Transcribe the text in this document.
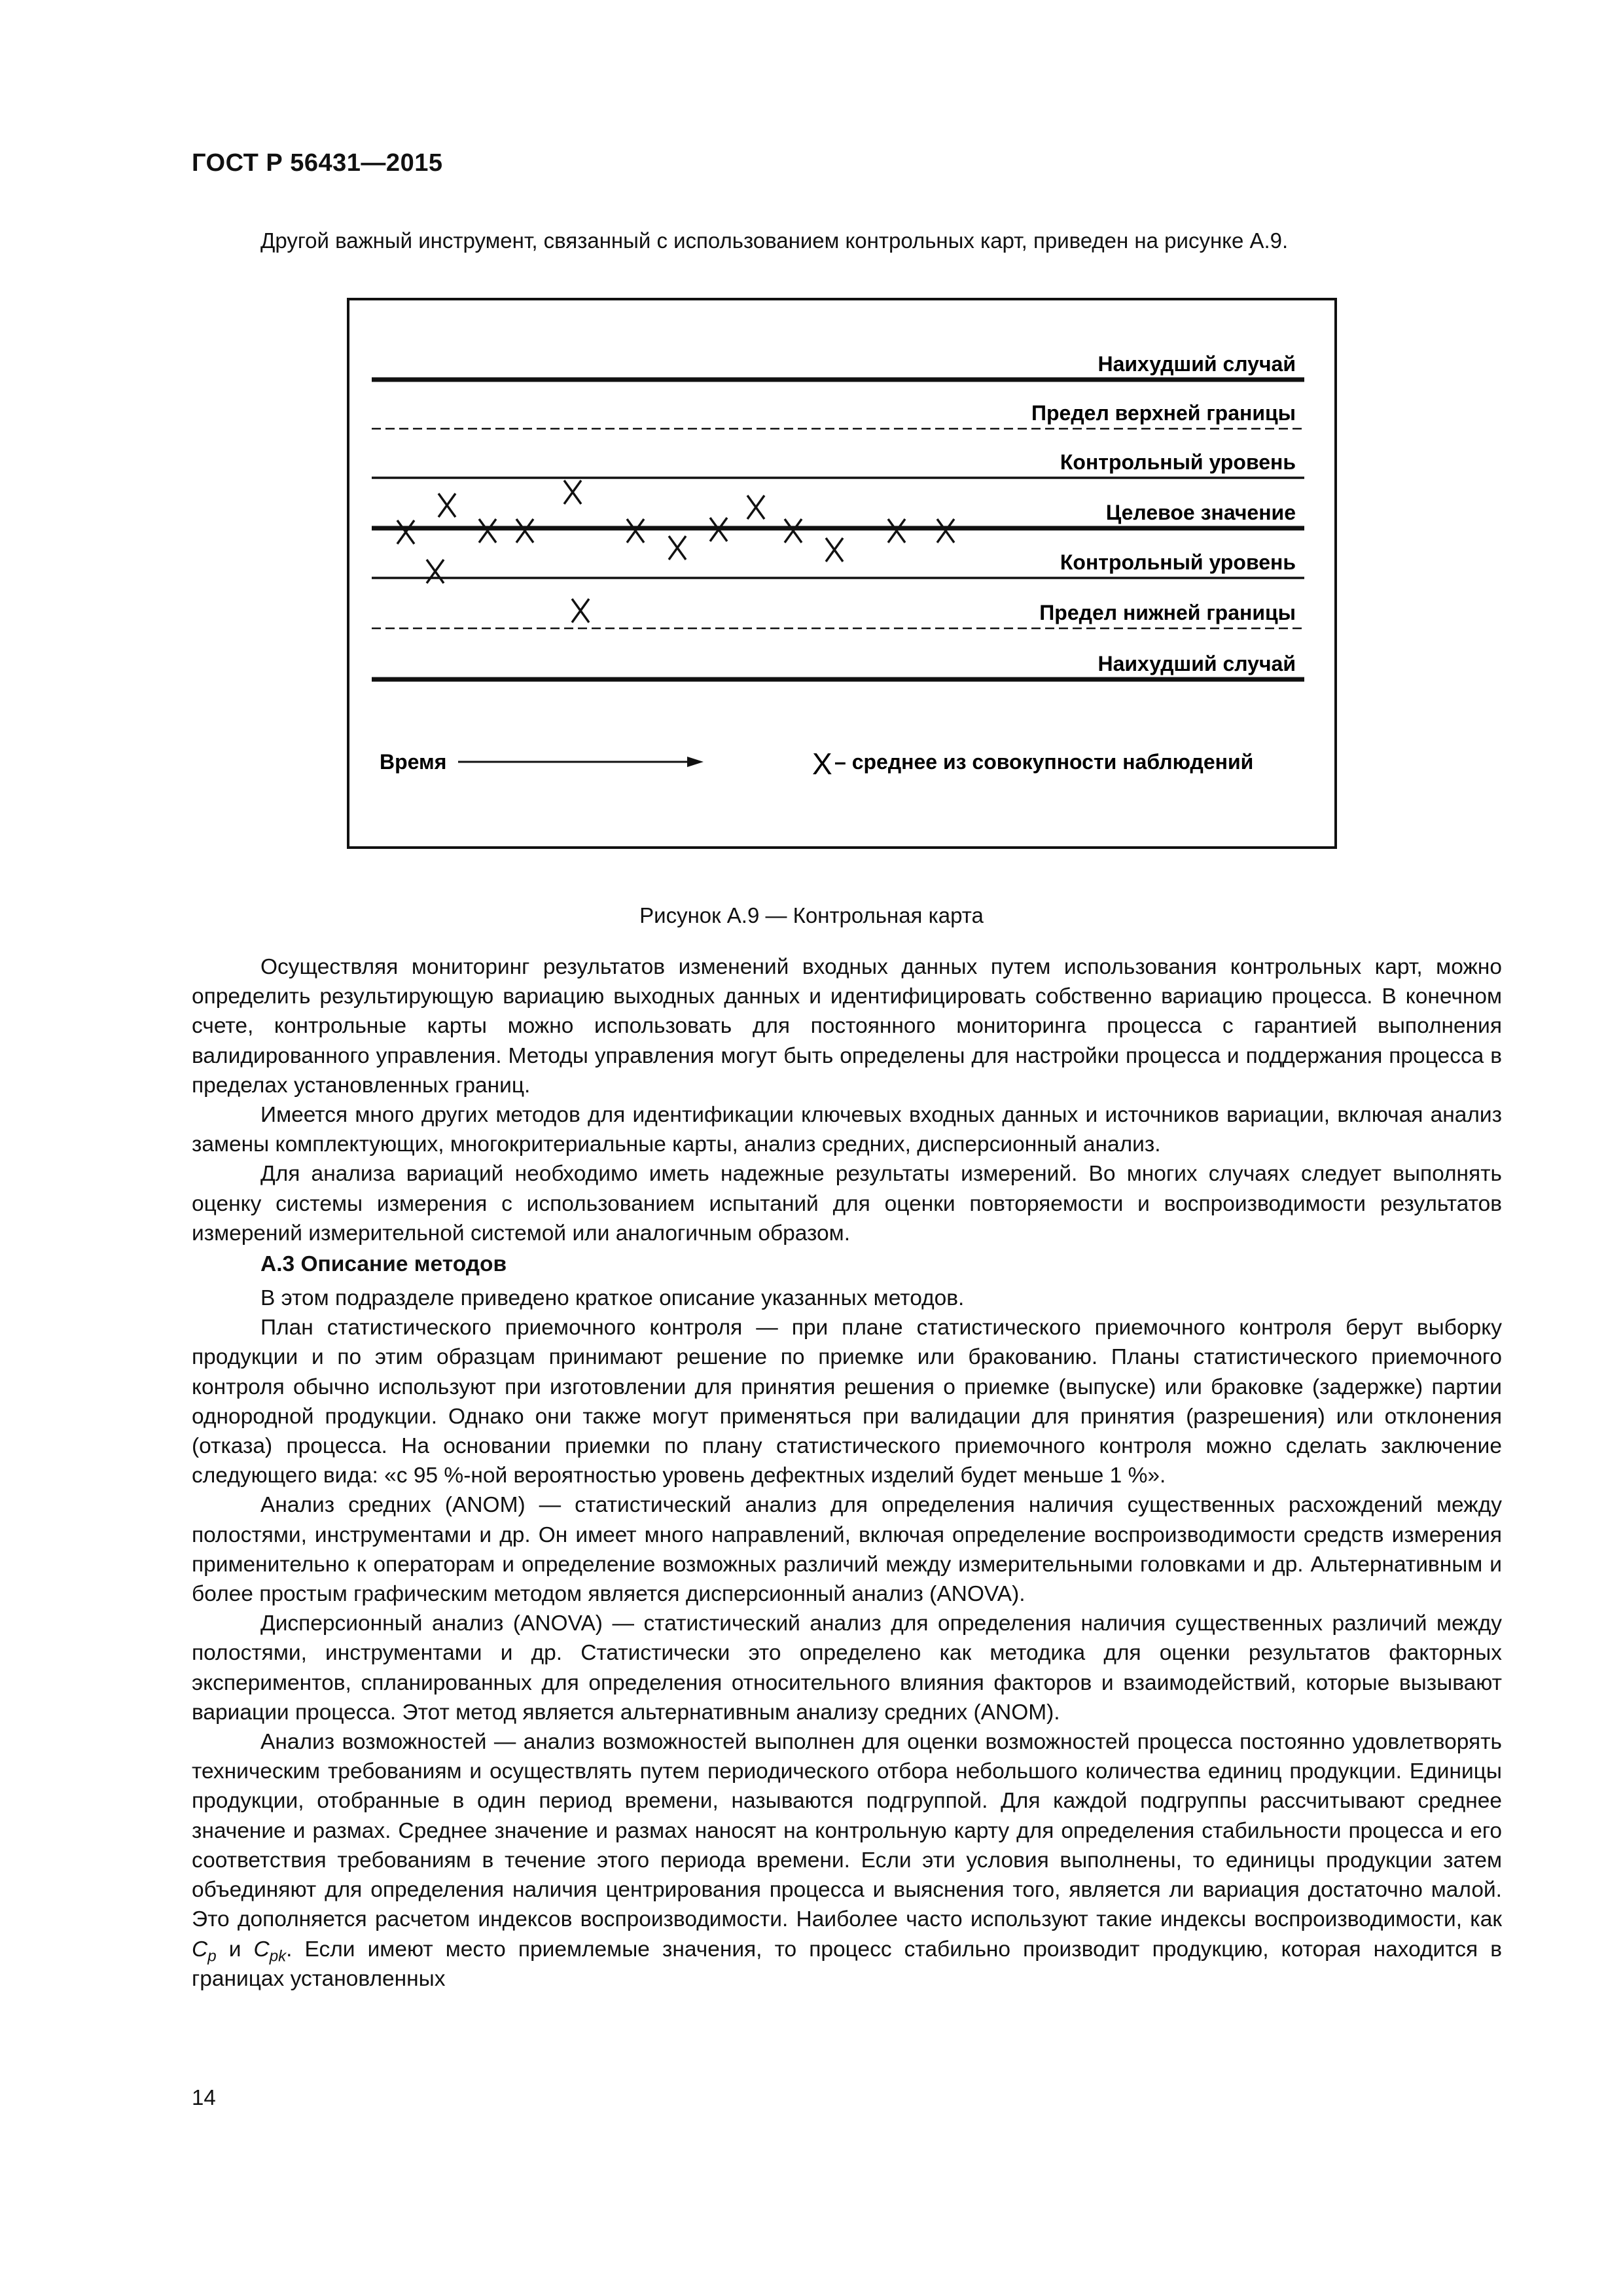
ГОСТ Р 56431—2015
Другой важный инструмент, связанный с использованием контрольных карт, приведен на рисунке А.9.
Наихудший случай
Предел верхней границы
Контрольный уровень
Целевое значение
Контрольный уровень
Предел нижней границы
Наихудший случай
Время	X – среднее из совокупности наблюдений
Рисунок А.9 — Контрольная карта

Осуществляя мониторинг результатов изменений входных данных путем использования контрольных карт, можно определить результирующую вариацию выходных данных и идентифицировать собственно вариацию процесса. В конечном счете, контрольные карты можно использовать для постоянного мониторинга процесса с гарантией выполнения валидированного управления. Методы управления могут быть определены для настройки процесса и поддержания процесса в пределах установленных границ.

Имеется много других методов для идентификации ключевых входных данных и источников вариации, включая анализ замены комплектующих, многокритериальные карты, анализ средних, дисперсионный анализ.

Для анализа вариаций необходимо иметь надежные результаты измерений. Во многих случаях следует выполнять оценку системы измерения с использованием испытаний для оценки повторяемости и воспроизводимости результатов измерений измерительной системой или аналогичным образом.

А.3 Описание методов

В этом подразделе приведено краткое описание указанных методов.

План статистического приемочного контроля — при плане статистического приемочного контроля берут выборку продукции и по этим образцам принимают решение по приемке или бракованию. Планы статистического приемочного контроля обычно используют при изготовлении для принятия решения о приемке (выпуске) или браковке (задержке) партии однородной продукции. Однако они также могут применяться при валидации для принятия (разрешения) или отклонения (отказа) процесса. На основании приемки по плану статистического приемочного контроля можно сделать заключение следующего вида: «с 95 %-ной вероятностью уровень дефектных изделий будет меньше 1 %».

Анализ средних (ANOM) — статистический анализ для определения наличия существенных расхождений между полостями, инструментами и др. Он имеет много направлений, включая определение воспроизводимости средств измерения применительно к операторам и определение возможных различий между измерительными головками и др. Альтернативным и более простым графическим методом является дисперсионный анализ (ANOVA).

Дисперсионный анализ (ANOVA) — статистический анализ для определения наличия существенных различий между полостями, инструментами и др. Статистически это определено как методика для оценки результатов факторных экспериментов, спланированных для определения относительного влияния факторов и взаимодействий, которые вызывают вариации процесса. Этот метод является альтернативным анализу средних (ANOM).

Анализ возможностей — анализ возможностей выполнен для оценки возможностей процесса постоянно удовлетворять техническим требованиям и осуществлять путем периодического отбора небольшого количества единиц продукции. Единицы продукции, отобранные в один период времени, называются подгруппой. Для каждой подгруппы рассчитывают среднее значение и размах. Среднее значение и размах наносят на контрольную карту для определения стабильности процесса и его соответствия требованиям в течение этого периода времени. Если эти условия выполнены, то единицы продукции затем объединяют для определения наличия центрирования процесса и выяснения того, является ли вариация достаточно малой. Это дополняется расчетом индексов воспроизводимости. Наиболее часто используют такие индексы воспроизводимости, как $C_p$ и $C_{pk}$. Если имеют место приемлемые значения, то процесс стабильно производит продукцию, которая находится в границах установленных

14
